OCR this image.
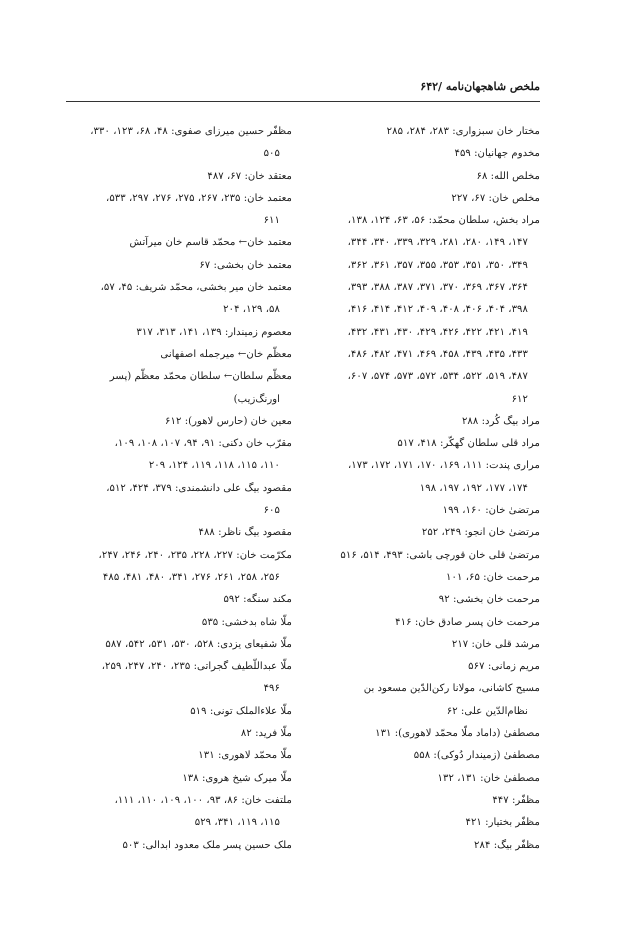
ملخص شاهجهان‌نامه /۶۴۲
مختار خان سبزواری: ۲۸۳، ۲۸۴، ۲۸۵
مخدوم جهانیان: ۴۵۹
مخلص الله: ۶۸
مخلص خان: ۶۷، ۲۲۷
مراد بخش، سلطان محمّد: ۵۶، ۶۳، ۱۲۴، ۱۳۸،
۱۴۷، ۱۴۹، ۲۸۰، ۲۸۱، ۳۲۹، ۳۳۹، ۳۴۰، ۳۴۴،
۳۴۹، ۳۵۰، ۳۵۱، ۳۵۳، ۳۵۵، ۳۵۷، ۳۶۱، ۳۶۲،
۳۶۴، ۳۶۷، ۳۶۹، ۳۷۰، ۳۷۱، ۳۸۷، ۳۸۸، ۳۹۳،
۳۹۸، ۴۰۴، ۴۰۶، ۴۰۸، ۴۰۹، ۴۱۲، ۴۱۴، ۴۱۶،
۴۱۹، ۴۲۱، ۴۲۲، ۴۲۶، ۴۲۹، ۴۳۰، ۴۳۱، ۴۳۲،
۴۳۳، ۴۳۵، ۴۳۹، ۴۵۸، ۴۶۹، ۴۷۱، ۴۸۲، ۴۸۶،
۴۸۷، ۵۱۹، ۵۲۲، ۵۳۴، ۵۷۲، ۵۷۳، ۵۷۴، ۶۰۷،
۶۱۲
مراد بیگ کُرد: ۲۸۸
مراد قلی سلطان گهکّر: ۴۱۸، ۵۱۷
مراری پندت: ۱۱۱، ۱۶۹، ۱۷۰، ۱۷۱، ۱۷۲، ۱۷۳،
۱۷۴، ۱۷۷، ۱۹۲، ۱۹۷، ۱۹۸
مرتضیٰ خان: ۱۶۰، ۱۹۹
مرتضیٰ خان انجو: ۲۴۹، ۲۵۲
مرتضیٰ قلی خان قورچی باشی: ۴۹۳، ۵۱۴، ۵۱۶
مرحمت خان: ۶۵، ۱۰۱
مرحمت خان بخشی: ۹۲
مرحمت خان پسر صادق خان: ۴۱۶
مرشد قلی خان: ۲۱۷
مریم زمانی: ۵۶۷
مسیح کاشانی، مولانا رکن‌الدّین مسعود بن
نظام‌الدّین علی: ۶۲
مصطفیٰ (داماد ملّا محمّد لاهوری): ۱۳۱
مصطفیٰ (زمیندار دُوکی): ۵۵۸
مصطفیٰ خان: ۱۳۱، ۱۳۲
مظفّر: ۴۴۷
مظفّر بختیار: ۴۲۱
مظفّر بیگ: ۲۸۴
مظفّر حسین میرزای صفوی: ۴۸، ۶۸، ۱۲۳، ۳۳۰،
۵۰۵
معتقد خان: ۶۷، ۴۸۷
معتمد خان: ۲۳۵، ۲۶۷، ۲۷۵، ۲۷۶، ۲۹۷، ۵۳۳،
۶۱۱
معتمد خان← محمّد قاسم خان میرآتش
معتمد خان بخشی: ۶۷
معتمد خان میر بخشی، محمّد شریف: ۴۵، ۵۷،
۵۸، ۱۲۹، ۲۰۴
معصوم زمیندار: ۱۳۹، ۱۴۱، ۳۱۳، ۳۱۷
معظّم خان← میرجمله اصفهانی
معظّم سلطان← سلطان محمّد معظّم (پسر
اورنگ‌زیب)
معین خان (حارس لاهور): ۶۱۲
مقرّب خان دکنی: ۹۱، ۹۴، ۱۰۷، ۱۰۸، ۱۰۹،
۱۱۰، ۱۱۵، ۱۱۸، ۱۱۹، ۱۲۴، ۲۰۹
مقصود بیگ علی دانشمندی: ۳۷۹، ۴۲۴، ۵۱۲،
۶۰۵
مقصود بیگ ناظر: ۴۸۸
مکرّمت خان: ۲۲۷، ۲۲۸، ۲۳۵، ۲۴۰، ۲۴۶، ۲۴۷،
۲۵۶، ۲۵۸، ۲۶۱، ۲۷۶، ۳۴۱، ۴۸۰، ۴۸۱، ۴۸۵
مکند سنگه: ۵۹۲
ملّا شاه بدخشی: ۵۳۵
ملّا شفیعای یزدی: ۵۲۸، ۵۳۰، ۵۳۱، ۵۴۲، ۵۸۷
ملّا عبداللّطیف گجراتی: ۲۳۵، ۲۴۰، ۲۴۷، ۲۵۹،
۴۹۶
ملّا علاءالملک تونی: ۵۱۹
ملّا فرید: ۸۲
ملّا محمّد لاهوری: ۱۳۱
ملّا میرک شیخ هروی: ۱۳۸
ملتفت خان: ۸۶، ۹۳، ۱۰۰، ۱۰۹، ۱۱۰، ۱۱۱،
۱۱۵، ۱۱۹، ۳۴۱، ۵۲۹
ملک حسین پسر ملک معدود ابدالی: ۵۰۳
